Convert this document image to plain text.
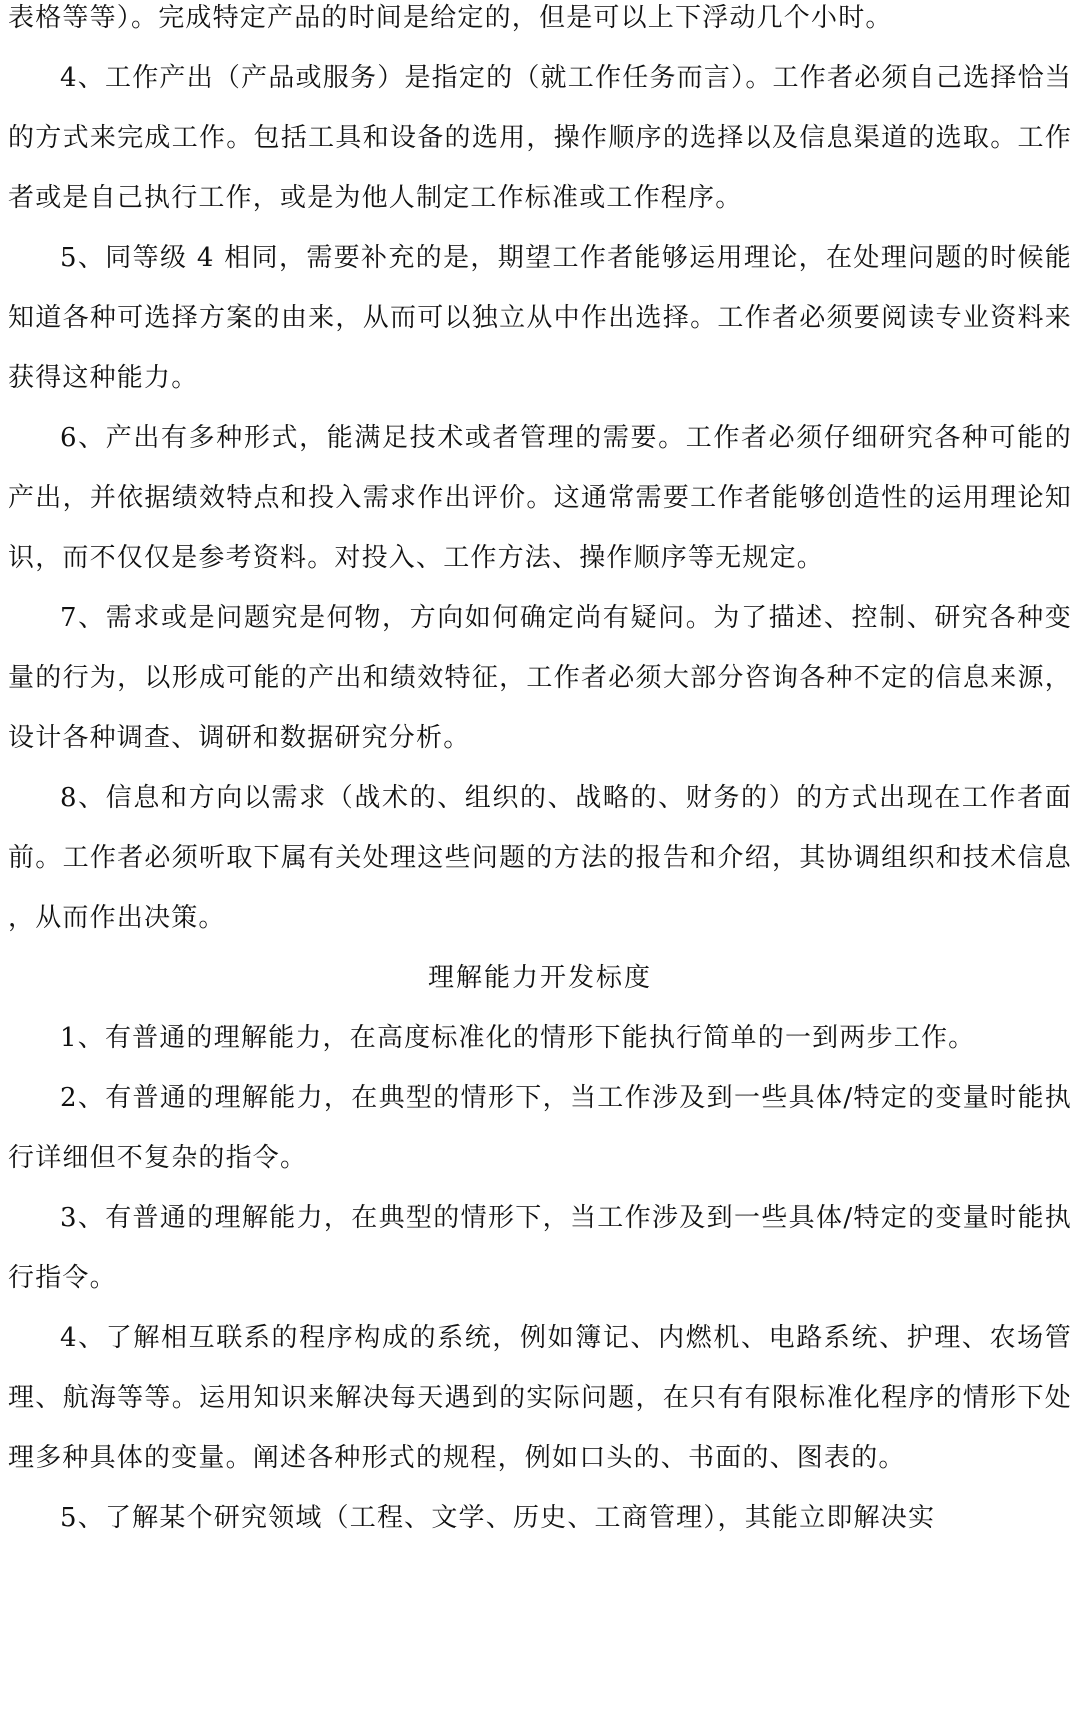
表格等等）。完成特定产品的时间是给定的，但是可以上下浮动几个小时。

4、工作产出（产品或服务）是指定的（就工作任务而言）。工作者必须自己选择恰当的方式来完成工作。包括工具和设备的选用，操作顺序的选择以及信息渠道的选取。工作者或是自己执行工作，或是为他人制定工作标准或工作程序。

5、同等级 4 相同，需要补充的是，期望工作者能够运用理论，在处理问题的时候能知道各种可选择方案的由来，从而可以独立从中作出选择。工作者必须要阅读专业资料来获得这种能力。

6、产出有多种形式，能满足技术或者管理的需要。工作者必须仔细研究各种可能的产出，并依据绩效特点和投入需求作出评价。这通常需要工作者能够创造性的运用理论知识，而不仅仅是参考资料。对投入、工作方法、操作顺序等无规定。

7、需求或是问题究是何物，方向如何确定尚有疑问。为了描述、控制、研究各种变量的行为，以形成可能的产出和绩效特征，工作者必须大部分咨询各种不定的信息来源，设计各种调查、调研和数据研究分析。

8、信息和方向以需求（战术的、组织的、战略的、财务的）的方式出现在工作者面前。工作者必须听取下属有关处理这些问题的方法的报告和介绍，其协调组织和技术信息，从而作出决策。

理解能力开发标度

1、有普通的理解能力，在高度标准化的情形下能执行简单的一到两步工作。

2、有普通的理解能力，在典型的情形下，当工作涉及到一些具体/特定的变量时能执行详细但不复杂的指令。

3、有普通的理解能力，在典型的情形下，当工作涉及到一些具体/特定的变量时能执行指令。

4、了解相互联系的程序构成的系统，例如簿记、内燃机、电路系统、护理、农场管理、航海等等。运用知识来解决每天遇到的实际问题，在只有有限标准化程序的情形下处理多种具体的变量。阐述各种形式的规程，例如口头的、书面的、图表的。

5、了解某个研究领域（工程、文学、历史、工商管理），其能立即解决实
